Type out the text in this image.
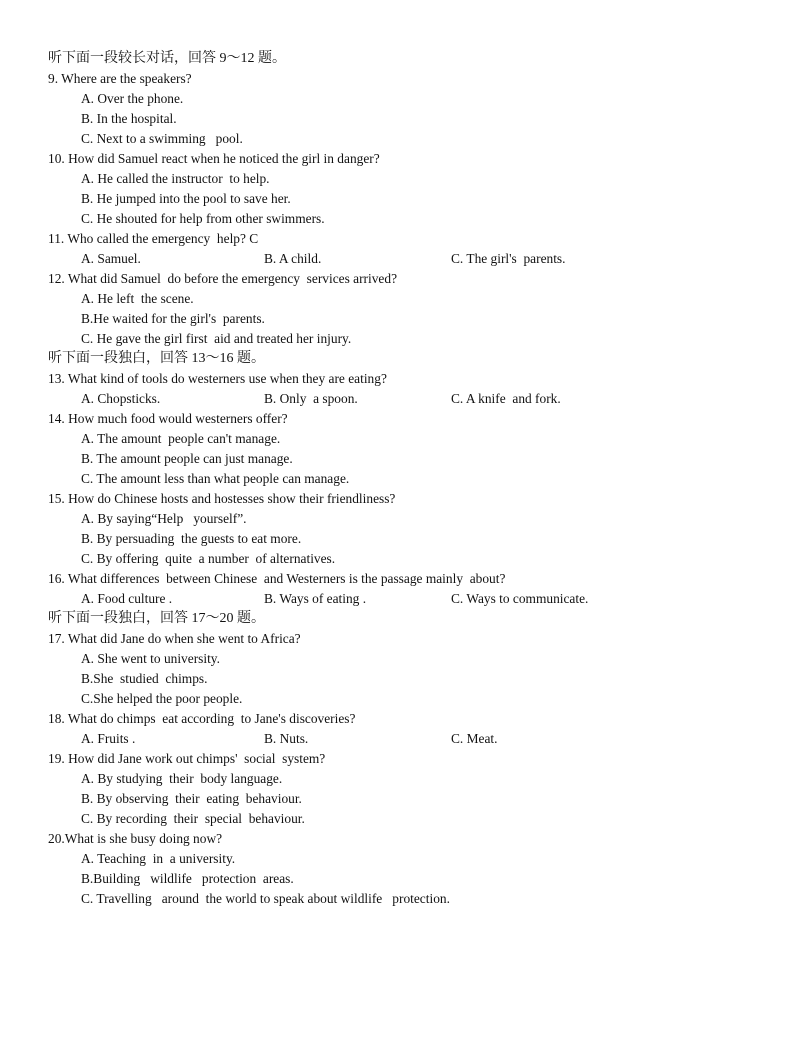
听下面一段较长对话，回答 9～12 题。
9. Where are the speakers?
A. Over the phone.
B. In the hospital.
C. Next to a swimming   pool.
10. How did Samuel react when he noticed the girl in danger?
A. He called the instructor  to help.
B. He jumped into the pool to save her.
C. He shouted for help from other swimmers.
11. Who called the emergency  help? C
A. Samuel.	B. A child.	C. The girl's  parents.
12. What did Samuel  do before the emergency  services arrived?
A. He left  the scene.
B.He waited for the girl's  parents.
C. He gave the girl first  aid and treated her injury.
听下面一段独白，回答 13～16 题。
13. What kind of tools do westerners use when they are eating?
A. Chopsticks.	B. Only  a spoon.	C. A knife  and fork.
14. How much food would westerners offer?
A. The amount  people can't manage.
B. The amount people can just manage.
C. The amount less than what people can manage.
15. How do Chinese hosts and hostesses show their friendliness?
A. By saying“Help   yourself”.
B. By persuading  the guests to eat more.
C. By offering  quite  a number  of alternatives.
16. What differences  between Chinese  and Westerners is the passage mainly  about?
A. Food culture .	B. Ways of eating .	C. Ways to communicate.
听下面一段独白，回答 17～20 题。
17. What did Jane do when she went to Africa?
A. She went to university.
B.She  studied  chimps.
C.She helped the poor people.
18. What do chimps  eat according  to Jane's discoveries?
A. Fruits .	B. Nuts.	C. Meat.
19. How did Jane work out chimps'  social  system?
A. By studying  their  body language.
B. By observing  their  eating  behaviour.
C. By recording  their  special  behaviour.
20.What is she busy doing now?
A. Teaching  in  a university.
B.Building   wildlife   protection  areas.
C. Travelling   around  the world to speak about wildlife   protection.
